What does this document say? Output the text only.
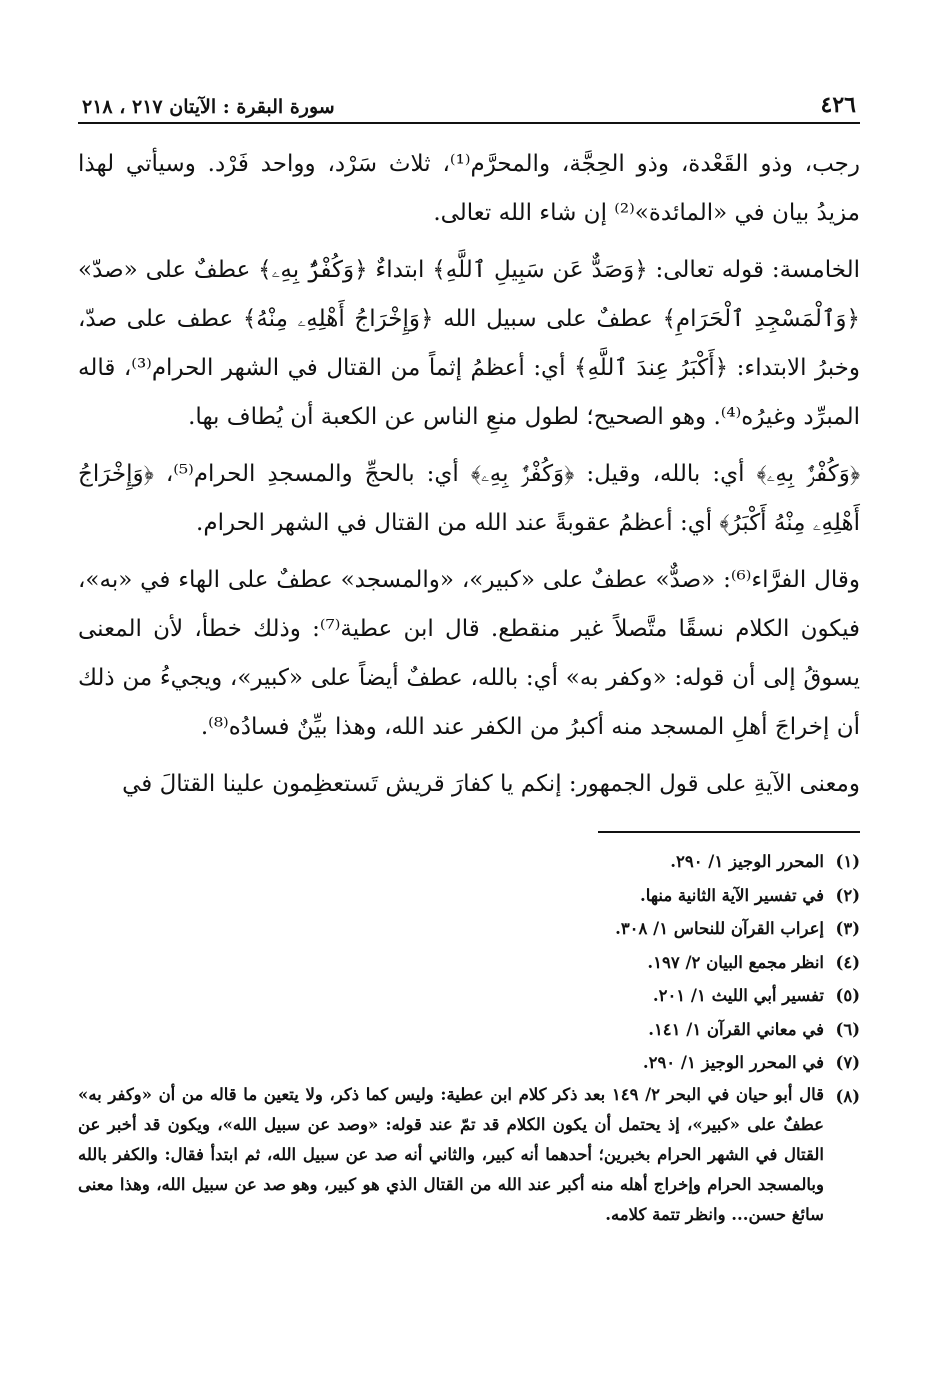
٤٢٦
سورة البقرة : الآيتان ٢١٧ ، ٢١٨

رجب، وذو القَعْدة، وذو الحِجَّة، والمحرَّم⁽¹⁾، ثلاث سَرْد، وواحد فَرْد. وسيأتي لهذا مزيدُ بيان في «المائدة»⁽²⁾ إن شاء الله تعالى.

الخامسة: قوله تعالى: ﴿وَصَدٌّ عَن سَبِيلِ ٱللَّهِ﴾ ابتداءٌ ﴿وَكُفْرٌۢ بِهِۦ﴾ عطفٌ على «صدّ» ﴿وَٱلْمَسْجِدِ ٱلْحَرَامِ﴾ عطفٌ على سبيل الله ﴿وَإِخْرَاجُ أَهْلِهِۦ مِنْهُ﴾ عطف على صدّ، وخبرُ الابتداء: ﴿أَكْبَرُ عِندَ ٱللَّهِ﴾ أي: أعظمُ إثماً من القتال في الشهر الحرام⁽³⁾، قاله المبرِّد وغيرُه⁽⁴⁾. وهو الصحيح؛ لطول منعِ الناس عن الكعبة أن يُطاف بها.

﴿وَكُفْرٌۢ بِهِۦ﴾ أي: بالله، وقيل: ﴿وَكُفْرٌۢ بِهِۦ﴾ أي: بالحجِّ والمسجدِ الحرام⁽⁵⁾، ﴿وَإِخْرَاجُ أَهْلِهِۦ مِنْهُ أَكْبَرُ﴾ أي: أعظمُ عقوبةً عند الله من القتال في الشهر الحرام.

وقال الفرَّاء⁽⁶⁾: «صدٌّ» عطفٌ على «كبير»، «والمسجد» عطفٌ على الهاء في «به»، فيكون الكلام نسقًا متَّصلاً غير منقطع. قال ابن عطية⁽⁷⁾: وذلك خطأ، لأن المعنى يسوقُ إلى أن قوله: «وكفر به» أي: بالله، عطفٌ أيضاً على «كبير»، ويجيءُ من ذلك أن إخراجَ أهلِ المسجد منه أكبرُ من الكفر عند الله، وهذا بيِّنٌ فسادُه⁽⁸⁾.

ومعنى الآيةِ على قول الجمهور: إنكم يا كفارَ قريش تَستعظِمون علينا القتالَ في

(١)
المحرر الوجيز ١/ ٢٩٠.
(٢)
في تفسير الآية الثانية منها.
(٣)
إعراب القرآن للنحاس ١/ ٣٠٨.
(٤)
انظر مجمع البيان ٢/ ١٩٧.
(٥)
تفسير أبي الليث ١/ ٢٠١.
(٦)
في معاني القرآن ١/ ١٤١.
(٧)
في المحرر الوجيز ١/ ٢٩٠.
(٨)
قال أبو حيان في البحر ٢/ ١٤٩ بعد ذكر كلام ابن عطية: وليس كما ذكر، ولا يتعين ما قاله من أن «وكفر به» عطفٌ على «كبير»، إذ يحتمل أن يكون الكلام قد تمّ عند قوله: «وصد عن سبيل الله»، ويكون قد أخبر عن القتال في الشهر الحرام بخبرين؛ أحدهما أنه كبير، والثاني أنه صد عن سبيل الله، ثم ابتدأ فقال: والكفر بالله وبالمسجد الحرام وإخراج أهله منه أكبر عند الله من القتال الذي هو كبير، وهو صد عن سبيل الله، وهذا معنى سائغ حسن... وانظر تتمة كلامه.
